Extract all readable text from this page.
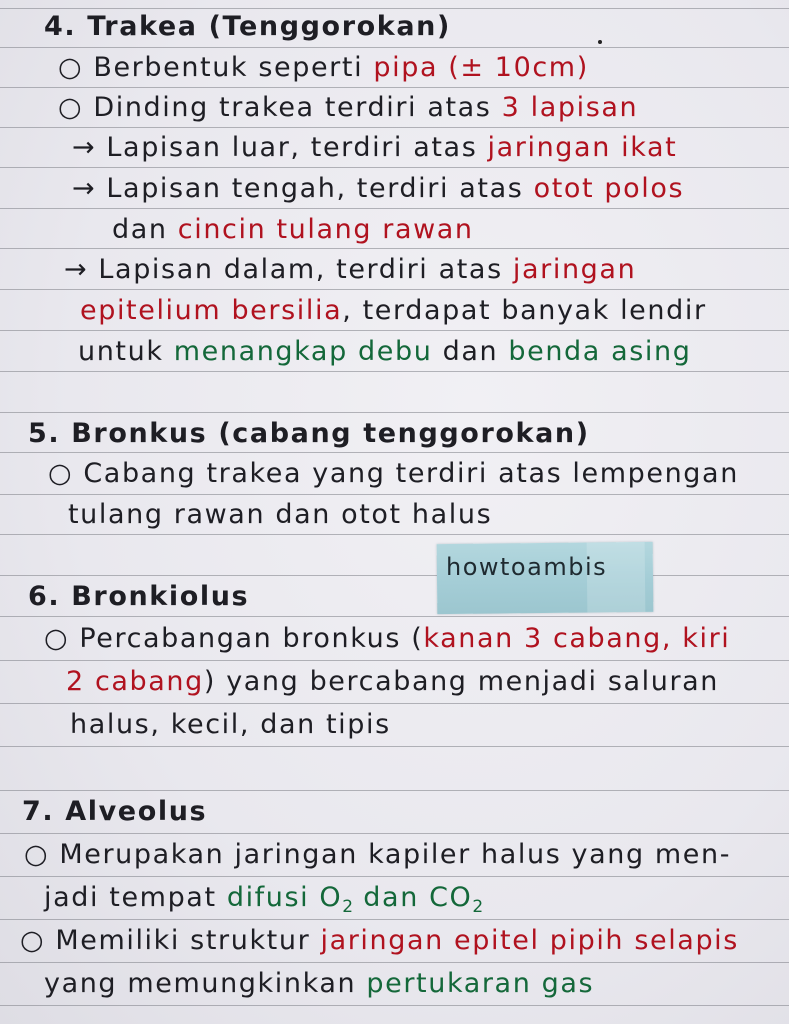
4. Trakea (Tenggorokan)
○ Berbentuk seperti pipa (± 10cm)
○ Dinding trakea terdiri atas 3 lapisan
→ Lapisan luar, terdiri atas jaringan ikat
→ Lapisan tengah, terdiri atas otot polos
dan cincin tulang rawan
→ Lapisan dalam, terdiri atas jaringan
epitelium bersilia, terdapat banyak lendir
untuk menangkap debu dan benda asing
5. Bronkus (cabang tenggorokan)
○ Cabang trakea yang terdiri atas lempengan
tulang rawan dan otot halus
howtoambis
6. Bronkiolus
○ Percabangan bronkus (kanan 3 cabang, kiri
2 cabang) yang bercabang menjadi saluran
halus, kecil, dan tipis
7. Alveolus
○ Merupakan jaringan kapiler halus yang men-
jadi tempat difusi $O_2$ dan $CO_2$
○ Memiliki struktur jaringan epitel pipih selapis
yang memungkinkan pertukaran gas
